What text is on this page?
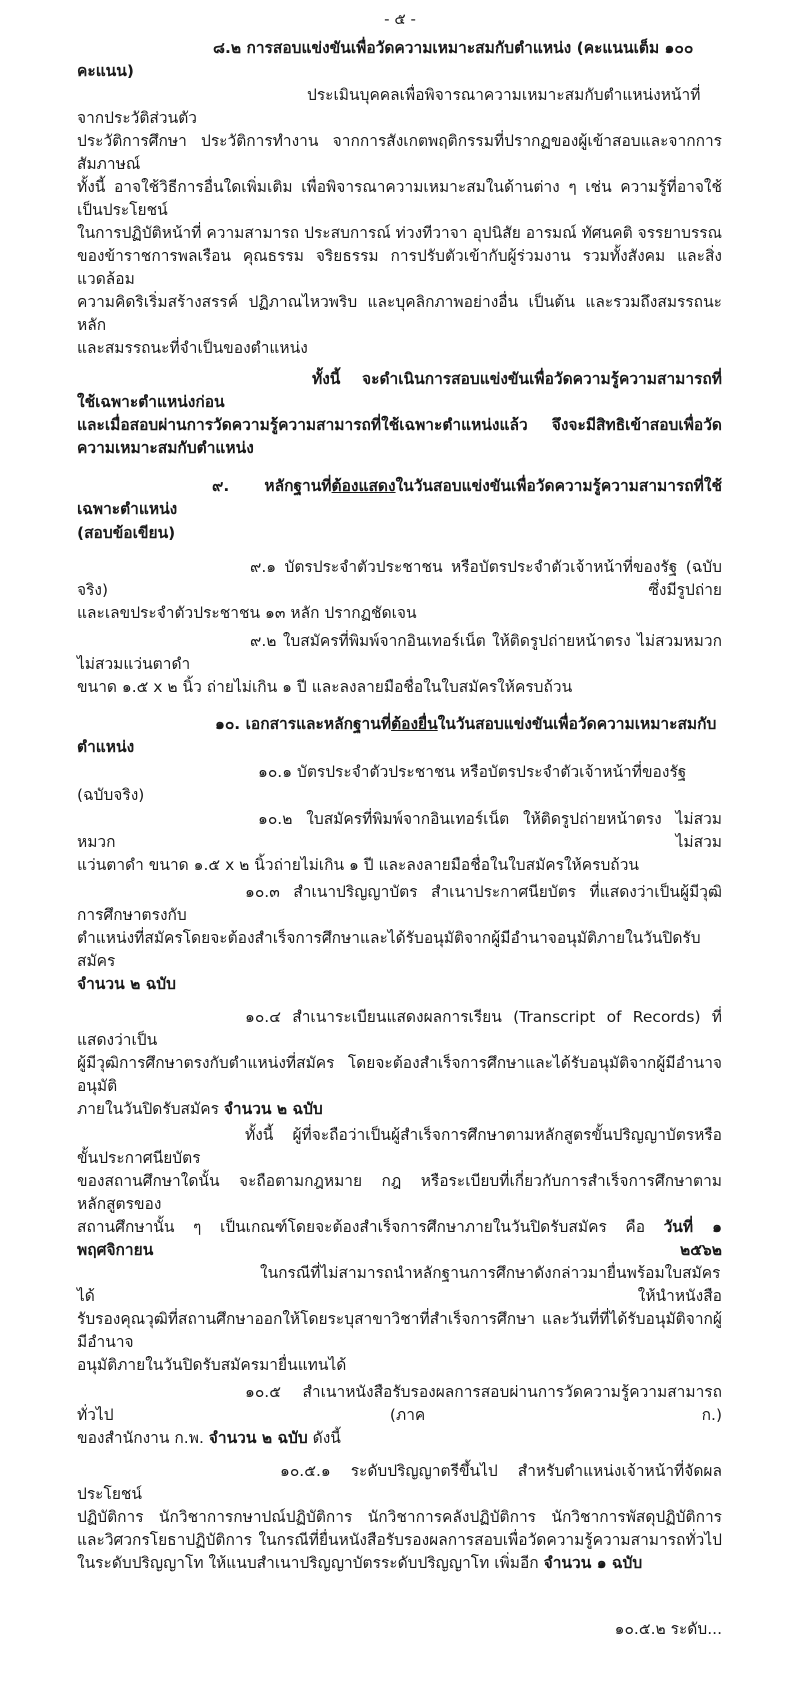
- ๕ -
๘.๒ การสอบแข่งขันเพื่อวัดความเหมาะสมกับตำแหน่ง (คะแนนเต็ม ๑๐๐ คะแนน)
ประเมินบุคคลเพื่อพิจารณาความเหมาะสมกับตำแหน่งหน้าที่จากประวัติส่วนตัว
ประวัติการศึกษา ประวัติการทำงาน จากการสังเกตพฤติกรรมที่ปรากฏของผู้เข้าสอบและจากการสัมภาษณ์
ทั้งนี้ อาจใช้วิธีการอื่นใดเพิ่มเติม เพื่อพิจารณาความเหมาะสมในด้านต่าง ๆ เช่น ความรู้ที่อาจใช้เป็นประโยชน์
ในการปฏิบัติหน้าที่ ความสามารถ ประสบการณ์ ท่วงทีวาจา อุปนิสัย อารมณ์ ทัศนคติ จรรยาบรรณ
ของข้าราชการพลเรือน คุณธรรม จริยธรรม การปรับตัวเข้ากับผู้ร่วมงาน รวมทั้งสังคม และสิ่งแวดล้อม
ความคิดริเริ่มสร้างสรรค์ ปฏิภาณไหวพริบ และบุคลิกภาพอย่างอื่น เป็นต้น และรวมถึงสมรรถนะหลัก
และสมรรถนะที่จำเป็นของตำแหน่ง
ทั้งนี้ จะดำเนินการสอบแข่งขันเพื่อวัดความรู้ความสามารถที่ใช้เฉพาะตำแหน่งก่อน
และเมื่อสอบผ่านการวัดความรู้ความสามารถที่ใช้เฉพาะตำแหน่งแล้ว จึงจะมีสิทธิเข้าสอบเพื่อวัด
ความเหมาะสมกับตำแหน่ง
๙. หลักฐานที่ต้องแสดงในวันสอบแข่งขันเพื่อวัดความรู้ความสามารถที่ใช้เฉพาะตำแหน่ง
(สอบข้อเขียน)
๙.๑ บัตรประจำตัวประชาชน หรือบัตรประจำตัวเจ้าหน้าที่ของรัฐ (ฉบับจริง) ซึ่งมีรูปถ่าย
และเลขประจำตัวประชาชน ๑๓ หลัก ปรากฏชัดเจน
๙.๒ ใบสมัครที่พิมพ์จากอินเทอร์เน็ต ให้ติดรูปถ่ายหน้าตรง ไม่สวมหมวก ไม่สวมแว่นตาดำ
ขนาด ๑.๕ x ๒ นิ้ว ถ่ายไม่เกิน ๑ ปี และลงลายมือชื่อในใบสมัครให้ครบถ้วน
๑๐. เอกสารและหลักฐานที่ต้องยื่นในวันสอบแข่งขันเพื่อวัดความเหมาะสมกับตำแหน่ง
๑๐.๑ บัตรประจำตัวประชาชน หรือบัตรประจำตัวเจ้าหน้าที่ของรัฐ (ฉบับจริง)
๑๐.๒ ใบสมัครที่พิมพ์จากอินเทอร์เน็ต ให้ติดรูปถ่ายหน้าตรง ไม่สวมหมวก ไม่สวม
แว่นตาดำ ขนาด ๑.๕ x ๒ นิ้วถ่ายไม่เกิน ๑ ปี และลงลายมือชื่อในใบสมัครให้ครบถ้วน
๑๐.๓ สำเนาปริญญาบัตร สำเนาประกาศนียบัตร ที่แสดงว่าเป็นผู้มีวุฒิการศึกษาตรงกับ
ตำแหน่งที่สมัครโดยจะต้องสำเร็จการศึกษาและได้รับอนุมัติจากผู้มีอำนาจอนุมัติภายในวันปิดรับสมัคร
จำนวน ๒ ฉบับ
๑๐.๔ สำเนาระเบียนแสดงผลการเรียน (Transcript of Records) ที่แสดงว่าเป็น
ผู้มีวุฒิการศึกษาตรงกับตำแหน่งที่สมัคร โดยจะต้องสำเร็จการศึกษาและได้รับอนุมัติจากผู้มีอำนาจอนุมัติ
ภายในวันปิดรับสมัคร จำนวน ๒ ฉบับ
ทั้งนี้ ผู้ที่จะถือว่าเป็นผู้สำเร็จการศึกษาตามหลักสูตรขั้นปริญญาบัตรหรือขั้นประกาศนียบัตร
ของสถานศึกษาใดนั้น จะถือตามกฎหมาย กฎ หรือระเบียบที่เกี่ยวกับการสำเร็จการศึกษาตามหลักสูตรของ
สถานศึกษานั้น ๆ เป็นเกณฑ์โดยจะต้องสำเร็จการศึกษาภายในวันปิดรับสมัคร คือ วันที่ ๑ พฤศจิกายน ๒๕๖๒
ในกรณีที่ไม่สามารถนำหลักฐานการศึกษาดังกล่าวมายื่นพร้อมใบสมัครได้ ให้นำหนังสือ
รับรองคุณวุฒิที่สถานศึกษาออกให้โดยระบุสาขาวิชาที่สำเร็จการศึกษา และวันที่ที่ได้รับอนุมัติจากผู้มีอำนาจ
อนุมัติภายในวันปิดรับสมัครมายื่นแทนได้
๑๐.๕ สำเนาหนังสือรับรองผลการสอบผ่านการวัดความรู้ความสามารถทั่วไป (ภาค ก.)
ของสำนักงาน ก.พ. จำนวน ๒ ฉบับ ดังนี้
๑๐.๕.๑ ระดับปริญญาตรีขึ้นไป สำหรับตำแหน่งเจ้าหน้าที่จัดผลประโยชน์
ปฏิบัติการ นักวิชาการกษาปณ์ปฏิบัติการ นักวิชาการคลังปฏิบัติการ นักวิชาการพัสดุปฏิบัติการ
และวิศวกรโยธาปฏิบัติการ ในกรณีที่ยื่นหนังสือรับรองผลการสอบเพื่อวัดความรู้ความสามารถทั่วไป
ในระดับปริญญาโท ให้แนบสำเนาปริญญาบัตรระดับปริญญาโท เพิ่มอีก จำนวน ๑ ฉบับ
๑๐.๕.๒ ระดับ...
